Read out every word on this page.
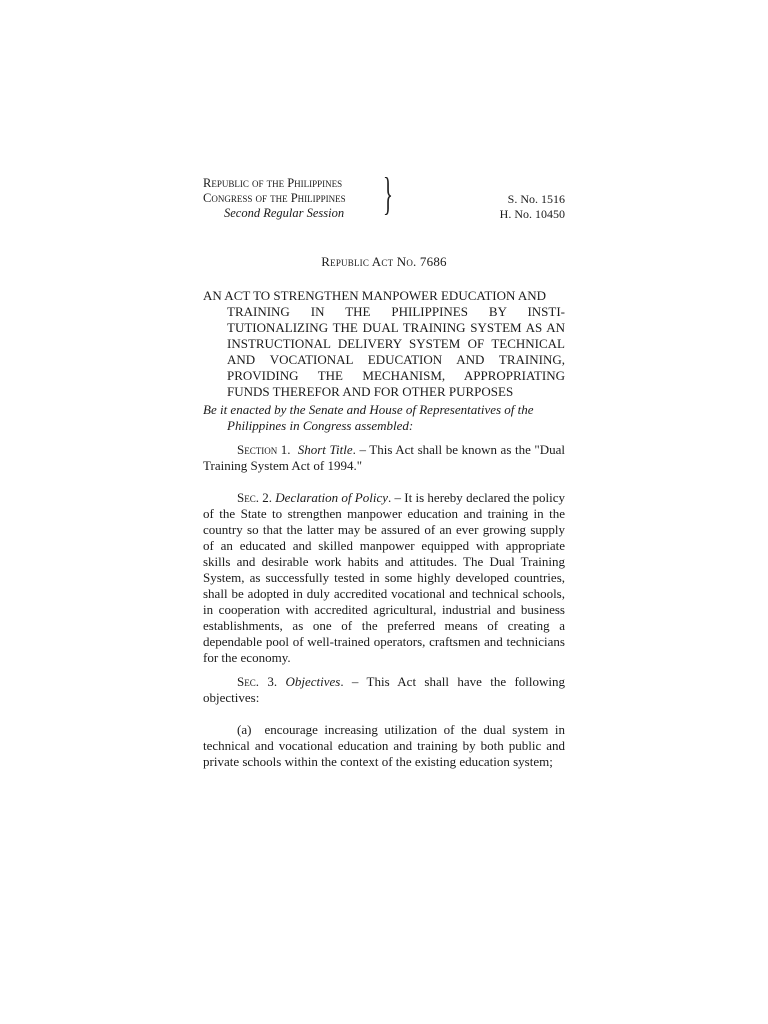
Republic of the Philippines
Congress of the Philippines
Second Regular Session }	S. No. 1516
H. No. 10450
Republic Act No. 7686
AN ACT TO STRENGTHEN MANPOWER EDUCATION AND
TRAINING IN THE PHILIPPINES BY INSTI-
TUTIONALIZING THE DUAL TRAINING SYSTEM AS AN
INSTRUCTIONAL DELIVERY SYSTEM OF TECHNICAL
AND VOCATIONAL EDUCATION AND TRAINING,
PROVIDING THE MECHANISM, APPROPRIATING
FUNDS THEREFOR AND FOR OTHER PURPOSES
Be it enacted by the Senate and House of Representatives of the
Philippines in Congress assembled:
Section 1. Short Title. – This Act shall be known as the "Dual Training System Act of 1994."
Sec. 2. Declaration of Policy. – It is hereby declared the policy of the State to strengthen manpower education and training in the country so that the latter may be assured of an ever growing supply of an educated and skilled manpower equipped with appropriate skills and desirable work habits and attitudes. The Dual Training System, as successfully tested in some highly developed countries, shall be adopted in duly accredited vocational and technical schools, in cooperation with accredited agricultural, industrial and business establishments, as one of the preferred means of creating a dependable pool of well-trained operators, craftsmen and technicians for the economy.
Sec. 3. Objectives. – This Act shall have the following objectives:
(a) encourage increasing utilization of the dual system in technical and vocational education and training by both public and private schools within the context of the existing education system;
